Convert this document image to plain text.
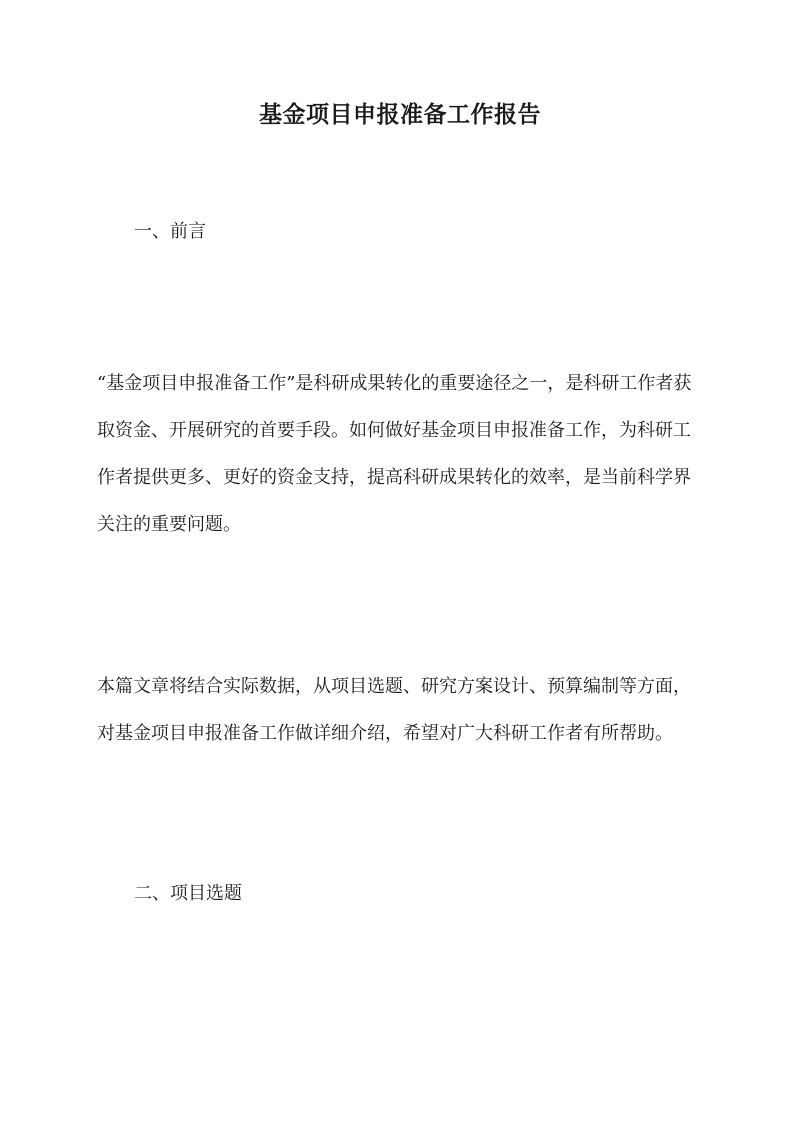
基金项目申报准备工作报告
一、前言

“基金项目申报准备工作”是科研成果转化的重要途径之一，是科研工作者获取资金、开展研究的首要手段。如何做好基金项目申报准备工作，为科研工作者提供更多、更好的资金支持，提高科研成果转化的效率，是当前科学界关注的重要问题。

本篇文章将结合实际数据，从项目选题、研究方案设计、预算编制等方面，对基金项目申报准备工作做详细介绍，希望对广大科研工作者有所帮助。

二、项目选题
